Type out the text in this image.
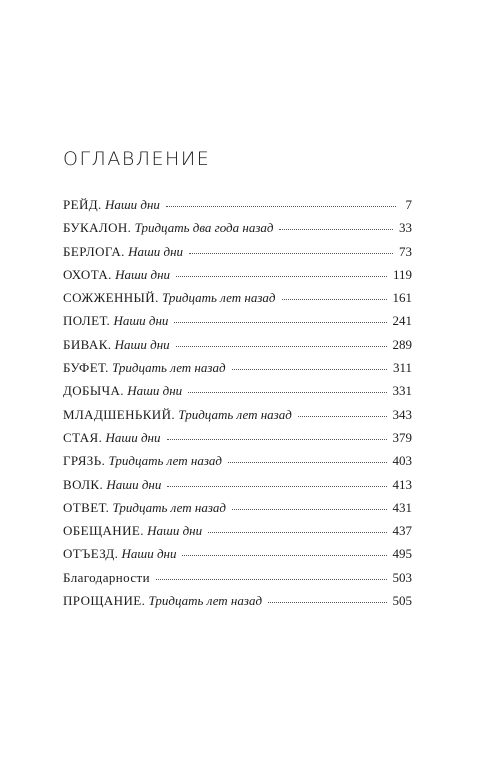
ОГЛАВЛЕНИЕ
РЕЙД. Наши дни	7
БУКАЛОН. Тридцать два года назад	33
БЕРЛОГА. Наши дни	73
ОХОТА. Наши дни	119
СОЖЖЕННЫЙ. Тридцать лет назад	161
ПОЛЕТ. Наши дни	241
БИВАК. Наши дни	289
БУФЕТ. Тридцать лет назад	311
ДОБЫЧА. Наши дни	331
МЛАДШЕНЬКИЙ. Тридцать лет назад	343
СТАЯ. Наши дни	379
ГРЯЗЬ. Тридцать лет назад	403
ВОЛК. Наши дни	413
ОТВЕТ. Тридцать лет назад	431
ОБЕЩАНИЕ. Наши дни	437
ОТЪЕЗД. Наши дни	495
Благодарности	503
ПРОЩАНИЕ. Тридцать лет назад	505
